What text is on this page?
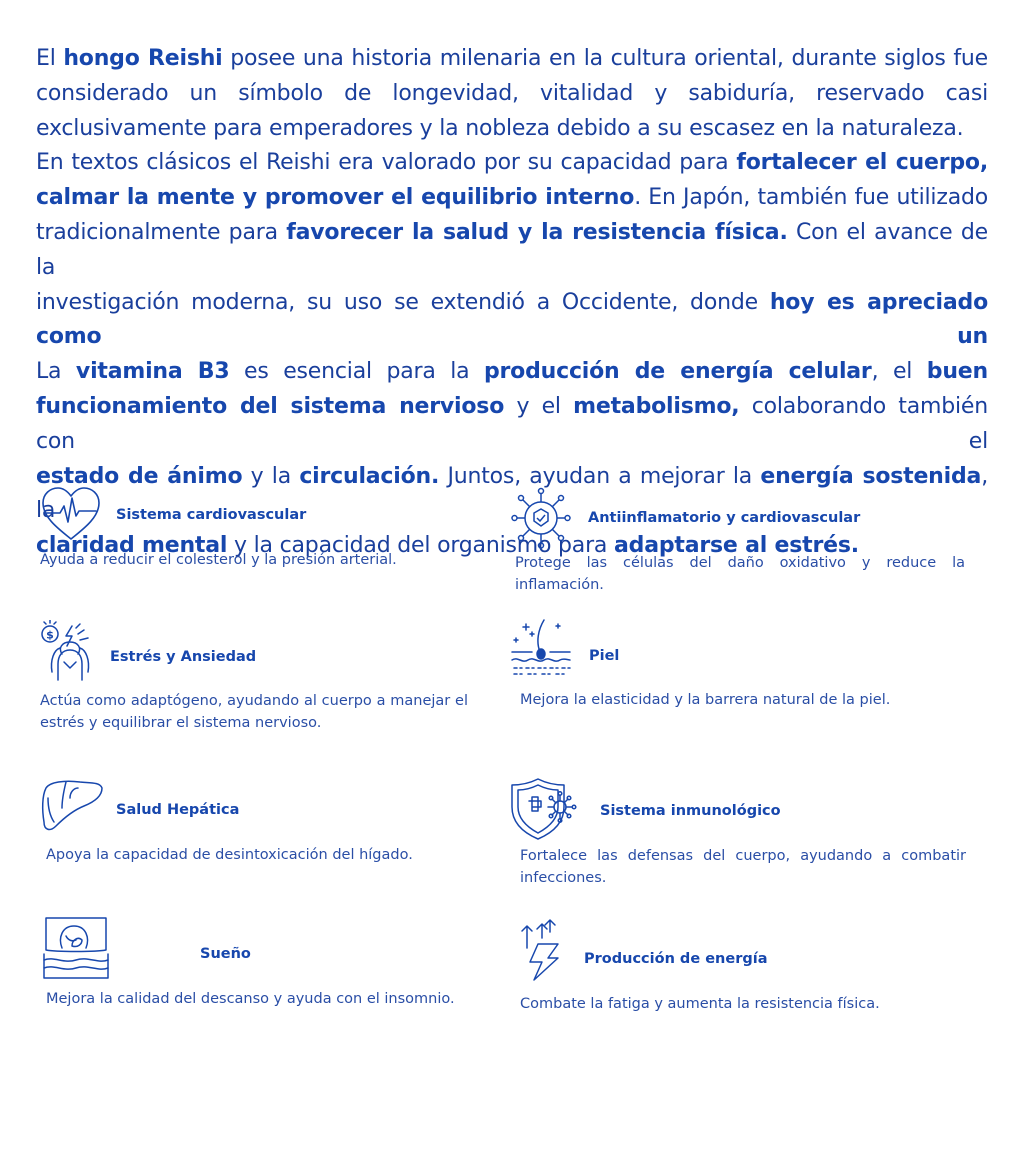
El hongo Reishi posee una historia milenaria en la cultura oriental, durante siglos fue

considerado un símbolo de longevidad, vitalidad y sabiduría, reservado casi

exclusivamente para emperadores y la nobleza debido a su escasez en la naturaleza.

En textos clásicos el Reishi era valorado por su capacidad para fortalecer el cuerpo,

calmar la mente y promover el equilibrio interno. En Japón, también fue utilizado

tradicionalmente para favorecer la salud y la resistencia física. Con el avance de la

investigación moderna, su uso se extendió a Occidente, donde hoy es apreciado como un

La vitamina B3 es esencial para la producción de energía celular, el buen

funcionamiento del sistema nervioso y el metabolismo, colaborando también con el

estado de ánimo y la circulación. Juntos, ayudan a mejorar la energía sostenida, la

claridad mental y la capacidad del organismo para adaptarse al estrés.

Sistema cardiovascular
Ayuda a reducir el colesterol y la presión arterial.
Antiinflamatorio y cardiovascular
Protege las células del daño oxidativo y reduce la inflamación.
$
Estrés y Ansiedad
Actúa como adaptógeno, ayudando al cuerpo a manejar el estrés y equilibrar el sistema nervioso.
Piel
Mejora la elasticidad y la barrera natural de la piel.
Salud Hepática
Apoya la capacidad de desintoxicación del hígado.
Sistema inmunológico
Fortalece las defensas del cuerpo, ayudando a combatir infecciones.
Sueño
Mejora la calidad del descanso y ayuda con el insomnio.
Producción de energía
Combate la fatiga y aumenta la resistencia física.
